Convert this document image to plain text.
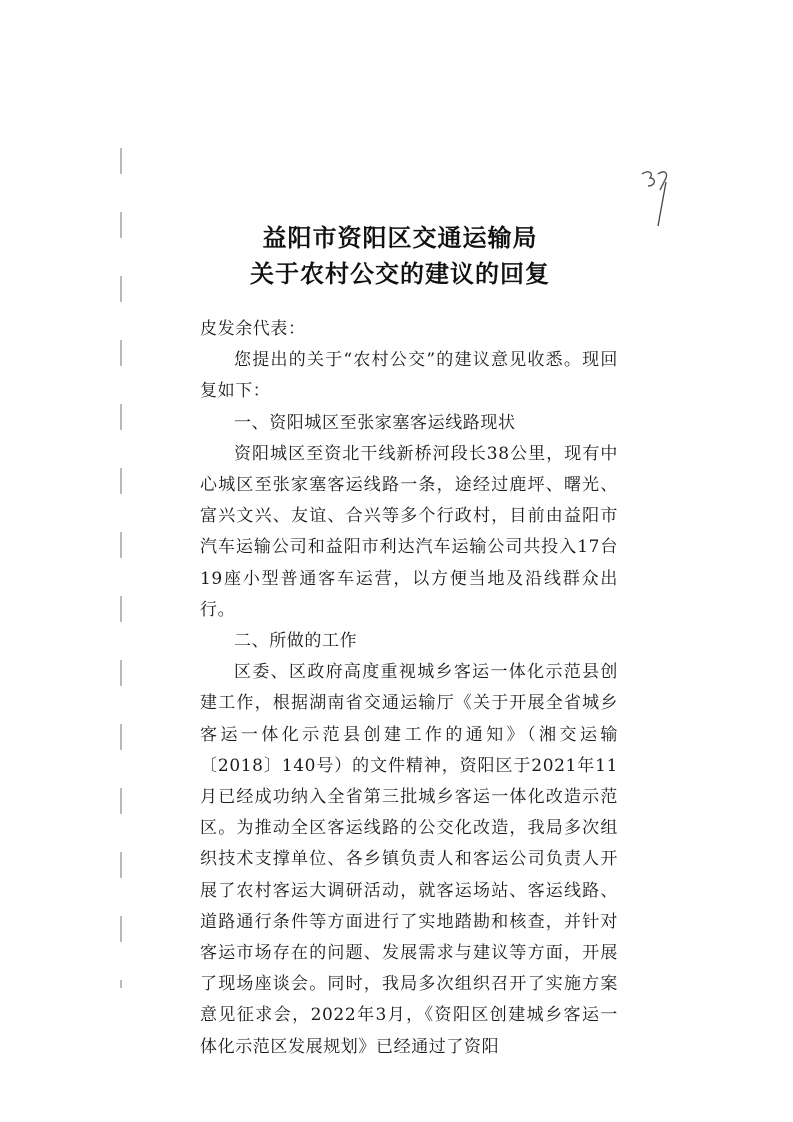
益阳市资阳区交通运输局
关于农村公交的建议的回复

皮发余代表：

您提出的关于“农村公交”的建议意见收悉。现回复如下：

一、资阳城区至张家塞客运线路现状

资阳城区至资北干线新桥河段长38公里，现有中心城区至张家塞客运线路一条，途经过鹿坪、曙光、富兴文兴、友谊、合兴等多个行政村，目前由益阳市汽车运输公司和益阳市利达汽车运输公司共投入17台19座小型普通客车运营，以方便当地及沿线群众出行。

二、所做的工作

区委、区政府高度重视城乡客运一体化示范县创建工作，根据湖南省交通运输厅《关于开展全省城乡客运一体化示范县创建工作的通知》（湘交运输〔2018〕140号）的文件精神，资阳区于2021年11月已经成功纳入全省第三批城乡客运一体化改造示范区。为推动全区客运线路的公交化改造，我局多次组织技术支撑单位、各乡镇负责人和客运公司负责人开展了农村客运大调研活动，就客运场站、客运线路、道路通行条件等方面进行了实地踏勘和核查，并针对客运市场存在的问题、发展需求与建议等方面，开展了现场座谈会。同时，我局多次组织召开了实施方案意见征求会，2022年3月，《资阳区创建城乡客运一体化示范区发展规划》已经通过了资阳
